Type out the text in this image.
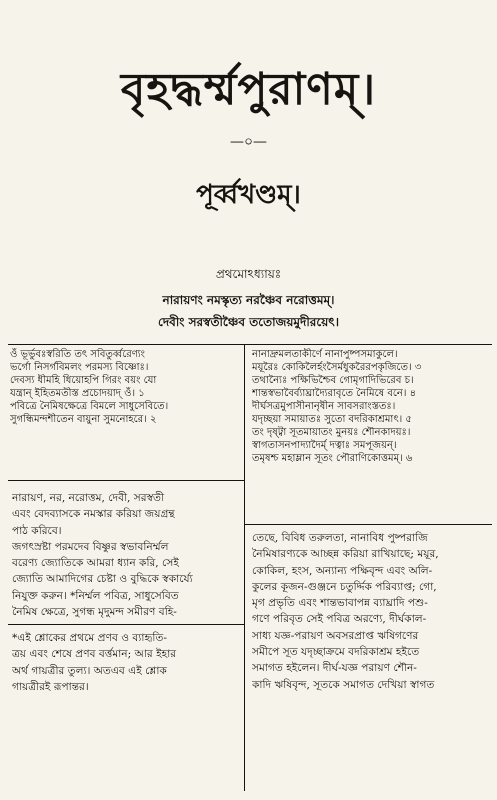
বৃহদ্ধর্ম্মপুরাণম্।
—০—
পূর্ব্বখণ্ডম্।
প্রথমোঽধ্যায়ঃ
নারায়ণং নমস্কৃত্য নরঞ্চৈব নরোত্তমম্।
দেবীং সরস্বতীঞ্চৈব ততোজয়মুদীরয়েৎ।
ওঁ ভূর্ভুবঃস্বরিতি তৎ সবিতুর্ব্বরেণ্যং
ভর্গো নিসর্গবিমলং পরমস্য বিষ্ণোঃ।
দেবস্য ধীমহি ধিয়োহপি গিরং বয়ং যো
যন্ত্রান্ ইহিতমতীস্ত প্রচোদয়াদ্ ওঁ। ১
পবিত্রে নৈমিষক্ষেত্রে বিমলে সাধুসেবিতে।
সুগন্ধিমন্দশীতেন বায়ুনা সুমনোহরে। ২
নানাদ্রুমলতাকীর্ণে নানাপুষ্পসমাকুলে।
ময়ূরৈঃ কোকিলৈর্হংসৈর্মধুকরৈরপকৃজিতে। ৩
তথান্যৈঃ পক্ষিভিশ্চৈব গোমৃগাদিভিরেব চ।
শান্তস্বভাবৈর্ব্যাঘ্রাদ্যৈরাবৃতে নৈমিষে বনে। ৪
দীর্ঘসত্ৰমুপাসীনানৃষীন সাবসরাংস্ততঃ।
যদৃচ্ছয়া সমায়াতঃ সুতো বদরিকাশ্রমাৎ। ৫
তং দৃষ্ট্বা সূতমায়াতং মুনয়ঃ শৌনকাদয়ঃ।
স্বাগতাসনপাদ্যাদৈর্ম্ দত্বাঃ সমপূজয়ন্।
তমৃষশ্চ মহাম্লান সূতং পৌরাণিকোত্তমম্। ৬
নারায়ণ, নর, নরোত্তম, দেবী, সরস্বতী
এবং বেদব্যাসকে নমস্কার করিয়া জয়গ্রন্থ
পাঠ করিবে।
জগৎস্রষ্টা পরমদেব বিষ্ণুর স্বভাবনির্ম্মল
বরেণ্য জ্যোতিকে আমরা ধ্যান করি, সেই
জ্যোতি আমাদিগের চেষ্টা ও বুদ্ধিকে স্বকার্য্যে
নিযুক্ত করুন। *নির্ম্মল পবিত্র, সাধুসেবিত
নৈমিষ ক্ষেত্রে, সুগন্ধ মৃদুমন্দ সমীরণ বহি-
*এই শ্লোকের প্রথমে প্রণব ও ব্যাহৃতি-
ত্রয় এবং শেষে প্রণব বর্ত্তমান; আর ইহার
অর্থ গায়ত্রীর তুল্য। অতএব এই শ্লোক
গায়ত্রীরই রূপান্তর।
তেছে, বিবিধ তরুলতা, নানাবিধ পুষ্পরাজি
নৈমিষারণ্যকে আচ্ছন্ন করিয়া রাখিয়াছে; ময়ূর,
কোকিল, হংস, অন্যান্য পক্ষিবৃন্দ এবং অলি-
কুলের কূজন-গুঞ্জনে চতুর্দ্দিক পরিব্যাপ্ত; গো,
মৃগ প্রভৃতি এবং শান্তভাবাপন্ন ব্যাঘ্রাদি পশু-
গণে পরিবৃত সেই পবিত্র অরণ্যে, দীর্ঘকাল-
সাধ্য যজ্ঞ-পরায়ণ অবসরপ্রাপ্ত ঋষিগণের
সমীপে সূত যদৃচ্ছাক্রমে বদরিকাশ্রম হইতে
সমাগত হইলেন। দীর্ঘ-যজ্ঞ পরায়ণ শৌন-
কাদি ঋষিবৃন্দ, সূতকে সমাগত দেখিয়া স্বাগত
